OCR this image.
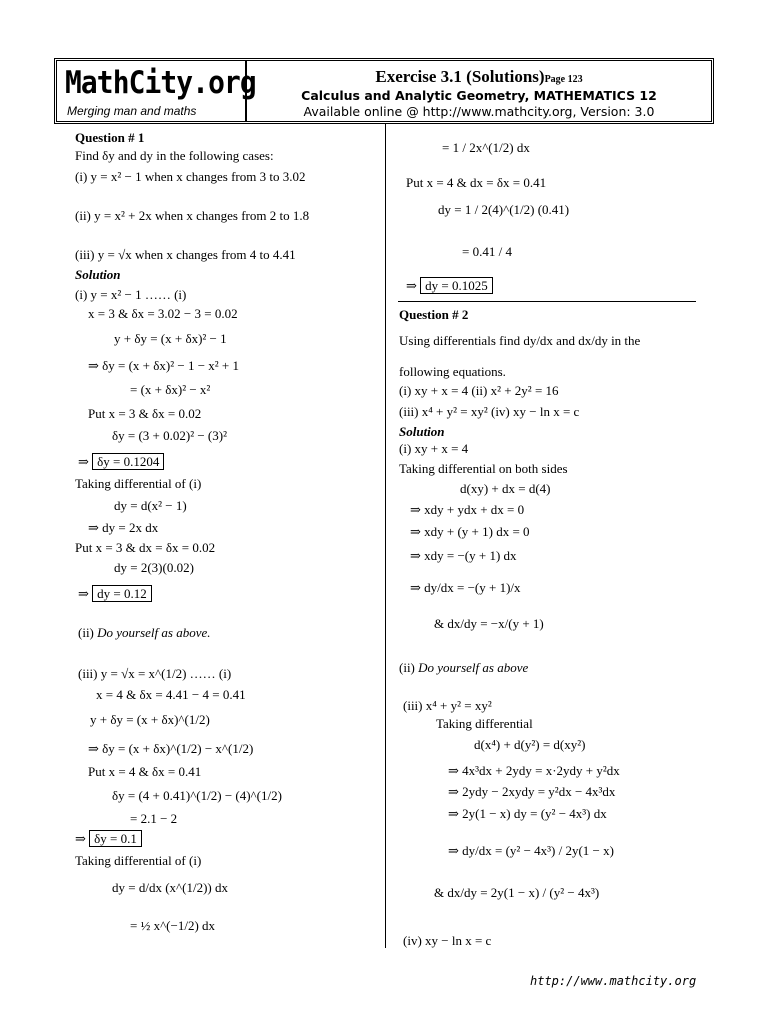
MathCity.org
Merging man and maths
Exercise 3.1 (Solutions)Page 123
Calculus and Analytic Geometry, MATHEMATICS 12
Available online @ http://www.mathcity.org, Version: 3.0
Question # 1
Find δy and dy in the following cases:
(i) y = x² − 1 when x changes from 3 to 3.02
(ii) y = x² + 2x when x changes from 2 to 1.8
(iii) y = √x when x changes from 4 to 4.41
Solution
(i) y = x² − 1 …… (i)
x = 3 & δx = 3.02 − 3 = 0.02
y + δy = (x + δx)² − 1
⇒ δy = (x + δx)² − 1 − x² + 1
= (x + δx)² − x²
Put x = 3 & δx = 0.02
δy = (3 + 0.02)² − (3)²
⇒ δy = 0.1204
Taking differential of (i)
dy = d(x² − 1)
⇒ dy = 2x dx
Put x = 3 & dx = δx = 0.02
dy = 2(3)(0.02)
⇒ dy = 0.12
(ii) Do yourself as above.
(iii) y = √x = x^(1/2) …… (i)
x = 4 & δx = 4.41 − 4 = 0.41
y + δy = (x + δx)^(1/2)
⇒ δy = (x + δx)^(1/2) − x^(1/2)
Put x = 4 & δx = 0.41
δy = (4 + 0.41)^(1/2) − (4)^(1/2)
= 2.1 − 2
⇒ δy = 0.1
Taking differential of (i)
dy = d/dx (x^(1/2)) dx
= ½ x^(−1/2) dx
= 1 / 2x^(1/2) dx
Put x = 4 & dx = δx = 0.41
dy = 1 / 2(4)^(1/2) (0.41)
= 0.41 / 4
⇒ dy = 0.1025
Question # 2
Using differentials find dy/dx and dx/dy in the
following equations.
(i) xy + x = 4 (ii) x² + 2y² = 16
(iii) x⁴ + y² = xy² (iv) xy − ln x = c
Solution
(i) xy + x = 4
Taking differential on both sides
d(xy) + dx = d(4)
⇒ xdy + ydx + dx = 0
⇒ xdy + (y + 1) dx = 0
⇒ xdy = −(y + 1) dx
⇒ dy/dx = −(y + 1)/x
& dx/dy = −x/(y + 1)
(ii) Do yourself as above
(iii) x⁴ + y² = xy²
Taking differential
d(x⁴) + d(y²) = d(xy²)
⇒ 4x³dx + 2ydy = x·2ydy + y²dx
⇒ 2ydy − 2xydy = y²dx − 4x³dx
⇒ 2y(1 − x) dy = (y² − 4x³) dx
⇒ dy/dx = (y² − 4x³) / 2y(1 − x)
& dx/dy = 2y(1 − x) / (y² − 4x³)
(iv) xy − ln x = c
http://www.mathcity.org
